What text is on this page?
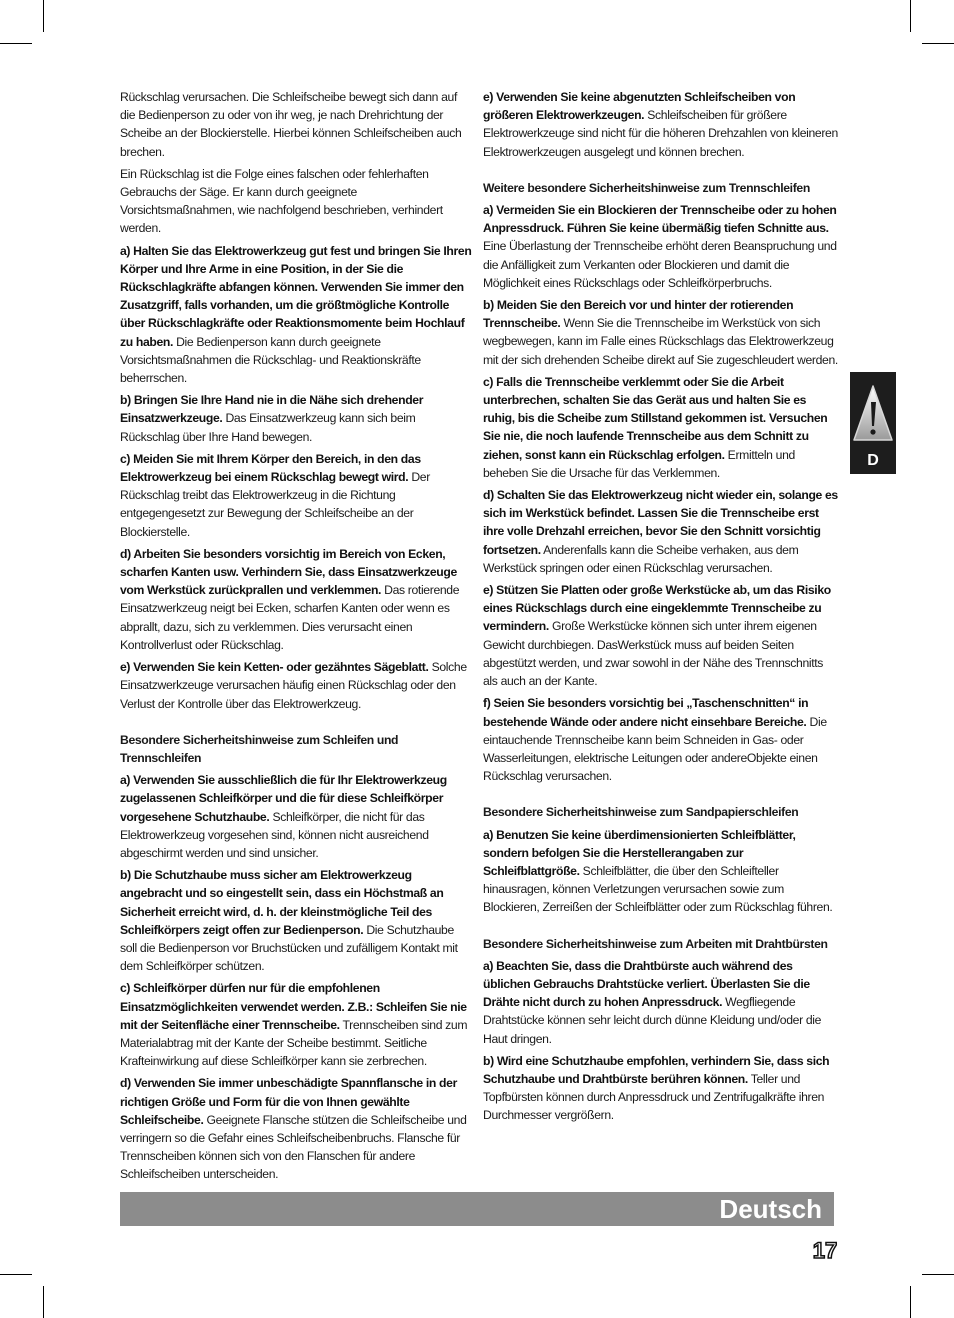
Rückschlag verursachen. Die Schleifscheibe bewegt sich dann auf die Bedienperson zu oder von ihr weg, je nach Drehrichtung der Scheibe an der Blockierstelle. Hierbei können Schleifscheiben auch brechen.

Ein Rückschlag ist die Folge eines falschen oder fehlerhaften Gebrauchs der Säge. Er kann durch geeignete Vorsichtsmaßnahmen, wie nachfolgend beschrieben, verhindert werden.

a) Halten Sie das Elektrowerkzeug gut fest und bringen Sie Ihren Körper und Ihre Arme in eine Position, in der Sie die Rückschlagkräfte abfangen können. Verwenden Sie immer den Zusatzgriff, falls vorhanden, um die größtmögliche Kontrolle über Rückschlagkräfte oder Reaktionsmomente beim Hochlauf zu haben. Die Bedienperson kann durch geeignete Vorsichtsmaßnahmen die Rückschlag- und Reaktionskräfte beherrschen.

b) Bringen Sie Ihre Hand nie in die Nähe sich drehender Einsatzwerkzeuge. Das Einsatzwerkzeug kann sich beim Rückschlag über Ihre Hand bewegen.

c) Meiden Sie mit Ihrem Körper den Bereich, in den das Elektrowerkzeug bei einem Rückschlag bewegt wird. Der Rückschlag treibt das Elektrowerkzeug in die Richtung entgegengesetzt zur Bewegung der Schleifscheibe an der Blockierstelle.

d) Arbeiten Sie besonders vorsichtig im Bereich von Ecken, scharfen Kanten usw. Verhindern Sie, dass Einsatzwerkzeuge vom Werkstück zurückprallen und verklemmen. Das rotierende Einsatzwerkzeug neigt bei Ecken, scharfen Kanten oder wenn es abprallt, dazu, sich zu verklemmen. Dies verursacht einen Kontrollverlust oder Rückschlag.

e) Verwenden Sie kein Ketten- oder gezähntes Sägeblatt. Solche Einsatzwerkzeuge verursachen häufig einen Rückschlag oder den Verlust der Kontrolle über das Elektrowerkzeug.

Besondere Sicherheitshinweise zum Schleifen und Trennschleifen

a) Verwenden Sie ausschließlich die für Ihr Elektrowerkzeug zugelassenen Schleifkörper und die für diese Schleifkörper vorgesehene Schutzhaube. Schleifkörper, die nicht für das Elektrowerkzeug vorgesehen sind, können nicht ausreichend abgeschirmt werden und sind unsicher.

b) Die Schutzhaube muss sicher am Elektrowerkzeug angebracht und so eingestellt sein, dass ein Höchstmaß an Sicherheit erreicht wird, d. h. der kleinstmögliche Teil des Schleifkörpers zeigt offen zur Bedienperson. Die Schutzhaube soll die Bedienperson vor Bruchstücken und zufälligem Kontakt mit dem Schleifkörper schützen.

c) Schleifkörper dürfen nur für die empfohlenen Einsatzmöglichkeiten verwendet werden. Z.B.: Schleifen Sie nie mit der Seitenfläche einer Trennscheibe. Trennscheiben sind zum Materialabtrag mit der Kante der Scheibe bestimmt. Seitliche Krafteinwirkung auf diese Schleifkörper kann sie zerbrechen.

d) Verwenden Sie immer unbeschädigte Spannflansche in der richtigen Größe und Form für die von Ihnen gewählte Schleifscheibe. Geeignete Flansche stützen die Schleifscheibe und verringern so die Gefahr eines Schleifscheibenbruchs. Flansche für Trennscheiben können sich von den Flanschen für andere Schleifscheiben unterscheiden.

e) Verwenden Sie keine abgenutzten Schleifscheiben von größeren Elektrowerkzeugen. Schleifscheiben für größere Elektrowerkzeuge sind nicht für die höheren Drehzahlen von kleineren Elektrowerkzeugen ausgelegt und können brechen.

Weitere besondere Sicherheitshinweise zum Trennschleifen

a) Vermeiden Sie ein Blockieren der Trennscheibe oder zu hohen Anpressdruck. Führen Sie keine übermäßig tiefen Schnitte aus. Eine Überlastung der Trennscheibe erhöht deren Beanspruchung und die Anfälligkeit zum Verkanten oder Blockieren und damit die Möglichkeit eines Rückschlags oder Schleifkörperbruchs.

b) Meiden Sie den Bereich vor und hinter der rotierenden Trennscheibe. Wenn Sie die Trennscheibe im Werkstück von sich wegbewegen, kann im Falle eines Rückschlags das Elektrowerkzeug mit der sich drehenden Scheibe direkt auf Sie zugeschleudert werden.

c) Falls die Trennscheibe verklemmt oder Sie die Arbeit unterbrechen, schalten Sie das Gerät aus und halten Sie es ruhig, bis die Scheibe zum Stillstand gekommen ist. Versuchen Sie nie, die noch laufende Trennscheibe aus dem Schnitt zu ziehen, sonst kann ein Rückschlag erfolgen. Ermitteln und beheben Sie die Ursache für das Verklemmen.

d) Schalten Sie das Elektrowerkzeug nicht wieder ein, solange es sich im Werkstück befindet. Lassen Sie die Trennscheibe erst ihre volle Drehzahl erreichen, bevor Sie den Schnitt vorsichtig fortsetzen. Anderenfalls kann die Scheibe verhaken, aus dem Werkstück springen oder einen Rückschlag verursachen.

e) Stützen Sie Platten oder große Werkstücke ab, um das Risiko eines Rückschlags durch eine eingeklemmte Trennscheibe zu vermindern. Große Werkstücke können sich unter ihrem eigenen Gewicht durchbiegen. DasWerkstück muss auf beiden Seiten abgestützt werden, und zwar sowohl in der Nähe des Trennschnitts als auch an der Kante.

f) Seien Sie besonders vorsichtig bei „Taschenschnitten“ in bestehende Wände oder andere nicht einsehbare Bereiche. Die eintauchende Trennscheibe kann beim Schneiden in Gas- oder Wasserleitungen, elektrische Leitungen oder andereObjekte einen Rückschlag verursachen.

Besondere Sicherheitshinweise zum Sandpapierschleifen

a) Benutzen Sie keine überdimensionierten Schleifblätter, sondern befolgen Sie die Herstellerangaben zur Schleifblattgröße. Schleifblätter, die über den Schleifteller hinausragen, können Verletzungen verursachen sowie zum Blockieren, Zerreißen der Schleifblätter oder zum Rückschlag führen.

Besondere Sicherheitshinweise zum Arbeiten mit Drahtbürsten

a) Beachten Sie, dass die Drahtbürste auch während des üblichen Gebrauchs Drahtstücke verliert. Überlasten Sie die Drähte nicht durch zu hohen Anpressdruck. Wegfliegende Drahtstücke können sehr leicht durch dünne Kleidung und/oder die Haut dringen.

b) Wird eine Schutzhaube empfohlen, verhindern Sie, dass sich Schutzhaube und Drahtbürste berühren können. Teller und Topfbürsten können durch Anpressdruck und Zentrifugalkräfte ihren Durchmesser vergrößern.

D
Deutsch
17
